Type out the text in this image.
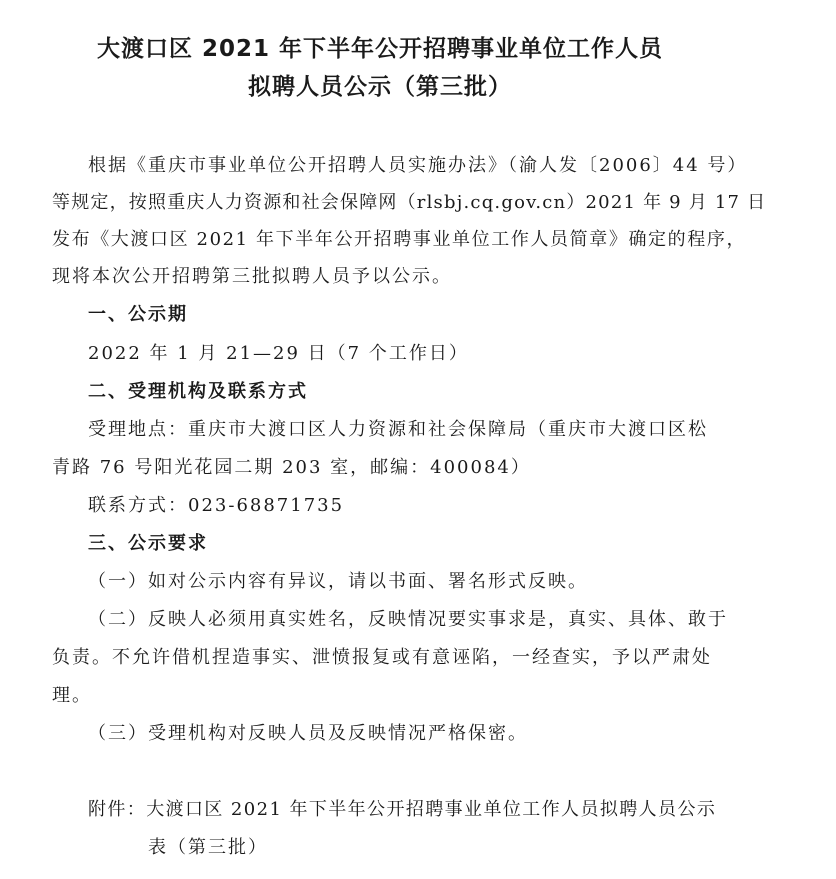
大渡口区 2021 年下半年公开招聘事业单位工作人员
拟聘人员公示（第三批）
根据《重庆市事业单位公开招聘人员实施办法》（渝人发〔2006〕44 号）
等规定，按照重庆人力资源和社会保障网（rlsbj.cq.gov.cn）2021 年 9 月 17 日
发布《大渡口区 2021 年下半年公开招聘事业单位工作人员简章》确定的程序，
现将本次公开招聘第三批拟聘人员予以公示。
一、公示期
2022 年 1 月 21—29 日（7 个工作日）
二、受理机构及联系方式
受理地点：重庆市大渡口区人力资源和社会保障局（重庆市大渡口区松
青路 76 号阳光花园二期 203 室，邮编：400084）
联系方式：023-68871735
三、公示要求
（一）如对公示内容有异议，请以书面、署名形式反映。
（二）反映人必须用真实姓名，反映情况要实事求是，真实、具体、敢于
负责。不允许借机捏造事实、泄愤报复或有意诬陷，一经查实，予以严肃处
理。
（三）受理机构对反映人员及反映情况严格保密。
附件：大渡口区 2021 年下半年公开招聘事业单位工作人员拟聘人员公示
表（第三批）
